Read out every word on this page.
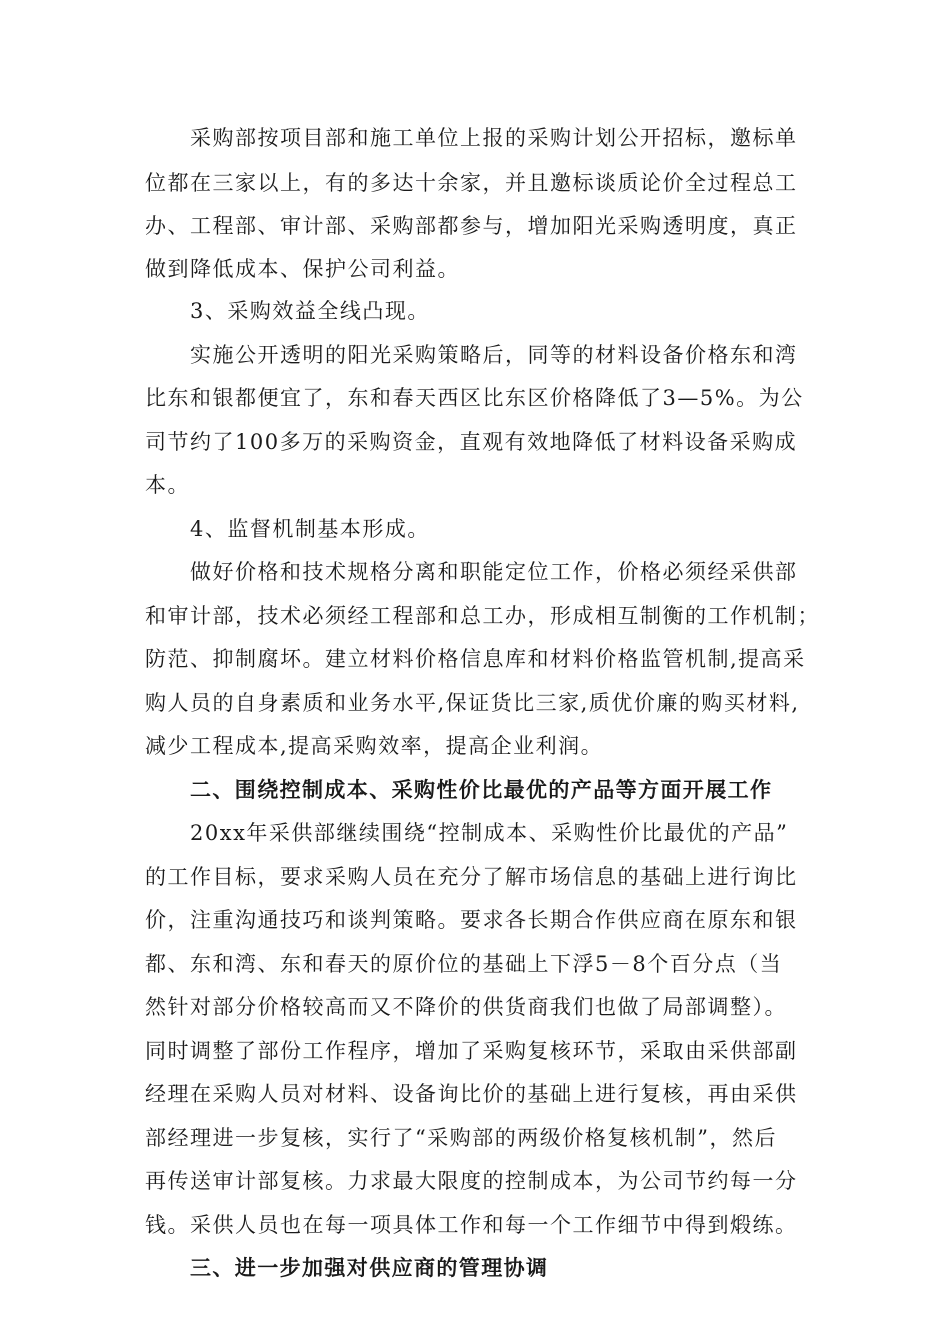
采购部按项目部和施工单位上报的采购计划公开招标，邀标单
位都在三家以上，有的多达十余家，并且邀标谈质论价全过程总工
办、工程部、审计部、采购部都参与，增加阳光采购透明度，真正
做到降低成本、保护公司利益。
3、采购效益全线凸现。
实施公开透明的阳光采购策略后，同等的材料设备价格东和湾
比东和银都便宜了，东和春天西区比东区价格降低了3—5%。为公
司节约了100多万的采购资金，直观有效地降低了材料设备采购成
本。
4、监督机制基本形成。
做好价格和技术规格分离和职能定位工作，价格必须经采供部
和审计部，技术必须经工程部和总工办，形成相互制衡的工作机制；
防范、抑制腐坏。建立材料价格信息库和材料价格监管机制,提高采
购人员的自身素质和业务水平,保证货比三家,质优价廉的购买材料,
减少工程成本,提高采购效率，提高企业利润。
二、围绕控制成本、采购性价比最优的产品等方面开展工作
20xx年采供部继续围绕“控制成本、采购性价比最优的产品”
的工作目标，要求采购人员在充分了解市场信息的基础上进行询比
价，注重沟通技巧和谈判策略。要求各长期合作供应商在原东和银
都、东和湾、东和春天的原价位的基础上下浮5－8个百分点（当
然针对部分价格较高而又不降价的供货商我们也做了局部调整）。
同时调整了部份工作程序，增加了采购复核环节，采取由采供部副
经理在采购人员对材料、设备询比价的基础上进行复核，再由采供
部经理进一步复核，实行了“采购部的两级价格复核机制”，然后
再传送审计部复核。力求最大限度的控制成本，为公司节约每一分
钱。采供人员也在每一项具体工作和每一个工作细节中得到煅练。
三、进一步加强对供应商的管理协调
